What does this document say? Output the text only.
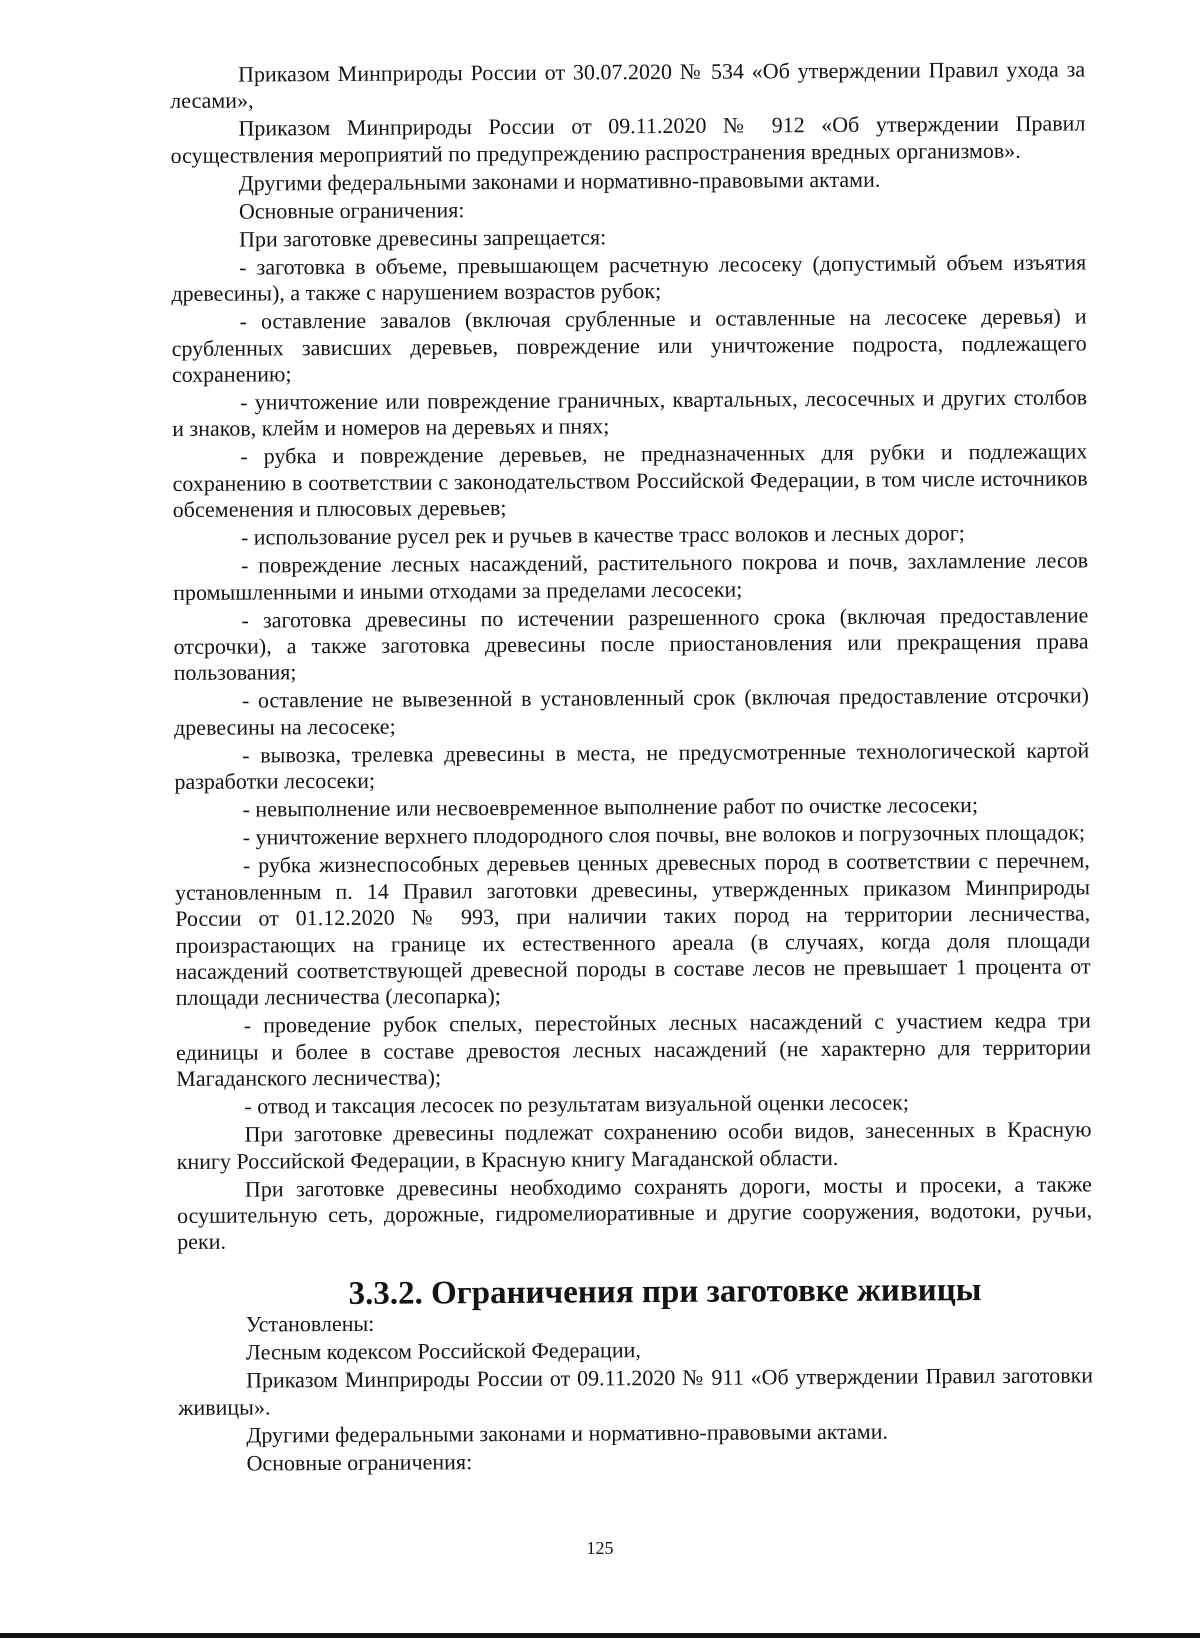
Приказом Минприроды России от 30.07.2020 № 534 «Об утверждении Правил ухода за лесами»,

Приказом Минприроды России от 09.11.2020 № 912 «Об утверждении Правил осуществления мероприятий по предупреждению распространения вредных организмов».

Другими федеральными законами и нормативно-правовыми актами.

Основные ограничения:

При заготовке древесины запрещается:

- заготовка в объеме, превышающем расчетную лесосеку (допустимый объем изъятия древесины), а также с нарушением возрастов рубок;

- оставление завалов (включая срубленные и оставленные на лесосеке деревья) и срубленных зависших деревьев, повреждение или уничтожение подроста, подлежащего сохранению;

- уничтожение или повреждение граничных, квартальных, лесосечных и других столбов и знаков, клейм и номеров на деревьях и пнях;

- рубка и повреждение деревьев, не предназначенных для рубки и подлежащих сохранению в соответствии с законодательством Российской Федерации, в том числе источников обсеменения и плюсовых деревьев;

- использование русел рек и ручьев в качестве трасс волоков и лесных дорог;

- повреждение лесных насаждений, растительного покрова и почв, захламление лесов промышленными и иными отходами за пределами лесосеки;

- заготовка древесины по истечении разрешенного срока (включая предоставление отсрочки), а также заготовка древесины после приостановления или прекращения права пользования;

- оставление не вывезенной в установленный срок (включая предоставление отсрочки) древесины на лесосеке;

- вывозка, трелевка древесины в места, не предусмотренные технологической картой разработки лесосеки;

- невыполнение или несвоевременное выполнение работ по очистке лесосеки;

- уничтожение верхнего плодородного слоя почвы, вне волоков и погрузочных площадок;

- рубка жизнеспособных деревьев ценных древесных пород в соответствии с перечнем, установленным п. 14 Правил заготовки древесины, утвержденных приказом Минприроды России от 01.12.2020 № 993, при наличии таких пород на территории лесничества, произрастающих на границе их естественного ареала (в случаях, когда доля площади насаждений соответствующей древесной породы в составе лесов не превышает 1 процента от площади лесничества (лесопарка);

- проведение рубок спелых, перестойных лесных насаждений с участием кедра три единицы и более в составе древостоя лесных насаждений (не характерно для территории Магаданского лесничества);

- отвод и таксация лесосек по результатам визуальной оценки лесосек;

При заготовке древесины подлежат сохранению особи видов, занесенных в Красную книгу Российской Федерации, в Красную книгу Магаданской области.

При заготовке древесины необходимо сохранять дороги, мосты и просеки, а также осушительную сеть, дорожные, гидромелиоративные и другие сооружения, водотоки, ручьи, реки.

3.3.2. Ограничения при заготовке живицы

Установлены:

Лесным кодексом Российской Федерации,

Приказом Минприроды России от 09.11.2020 № 911 «Об утверждении Правил заготовки живицы».

Другими федеральными законами и нормативно-правовыми актами.

Основные ограничения:

125
